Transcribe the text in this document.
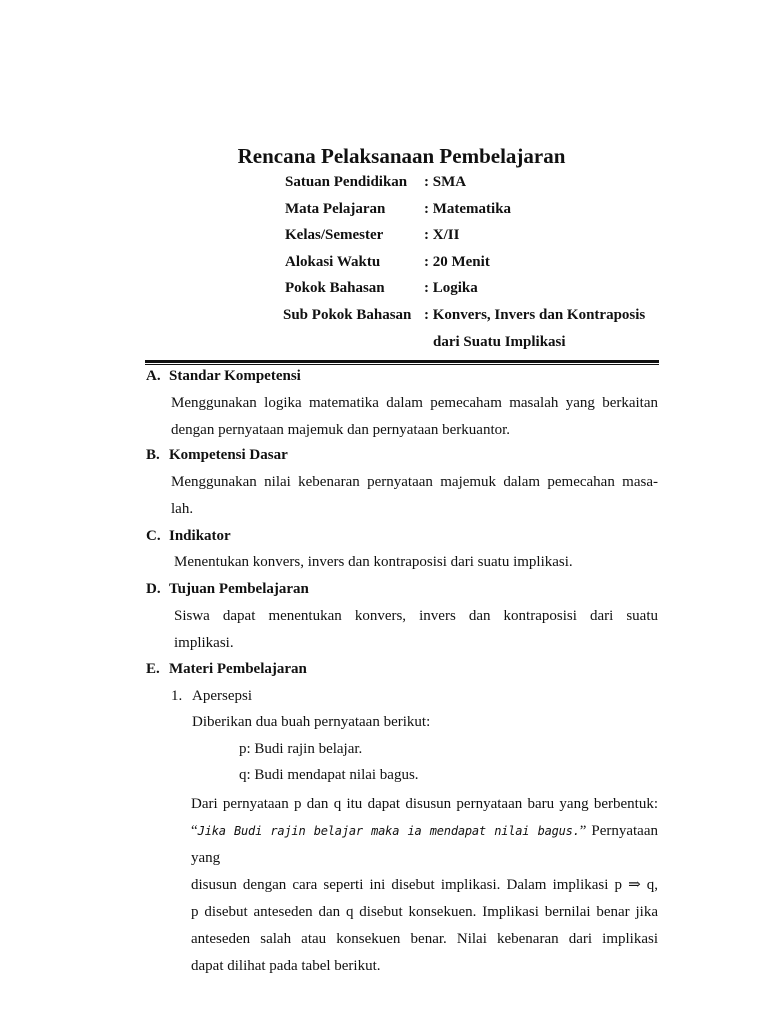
Rencana Pelaksanaan Pembelajaran
Satuan Pendidikan : SMA
Mata Pelajaran	: Matematika
Kelas/Semester	: X/II
Alokasi Waktu	: 20 Menit
Pokok Bahasan	: Logika
Sub Pokok Bahasan : Konvers, Invers dan Kontraposis
dari Suatu Implikasi
A. Standar Kompetensi
Menggunakan logika matematika dalam pemecaham masalah yang berkaitan
dengan pernyataan majemuk dan pernyataan berkuantor.
B. Kompetensi Dasar
Menggunakan nilai kebenaran pernyataan majemuk dalam pemecahan masa-
lah.
C. Indikator
Menentukan konvers, invers dan kontraposisi dari suatu implikasi.
D. Tujuan Pembelajaran
Siswa dapat menentukan konvers, invers dan kontraposisi dari suatu
implikasi.
E. Materi Pembelajaran
1. Apersepsi
Diberikan dua buah pernyataan berikut:
p: Budi rajin belajar.
q: Budi mendapat nilai bagus.
Dari pernyataan p dan q itu dapat disusun pernyataan baru yang berbentuk:
“Jika Budi rajin belajar maka ia mendapat nilai bagus.” Pernyataan yang
disusun dengan cara seperti ini disebut implikasi. Dalam implikasi p ⇒ q,
p disebut anteseden dan q disebut konsekuen. Implikasi bernilai benar jika
anteseden salah atau konsekuen benar. Nilai kebenaran dari implikasi
dapat dilihat pada tabel berikut.
